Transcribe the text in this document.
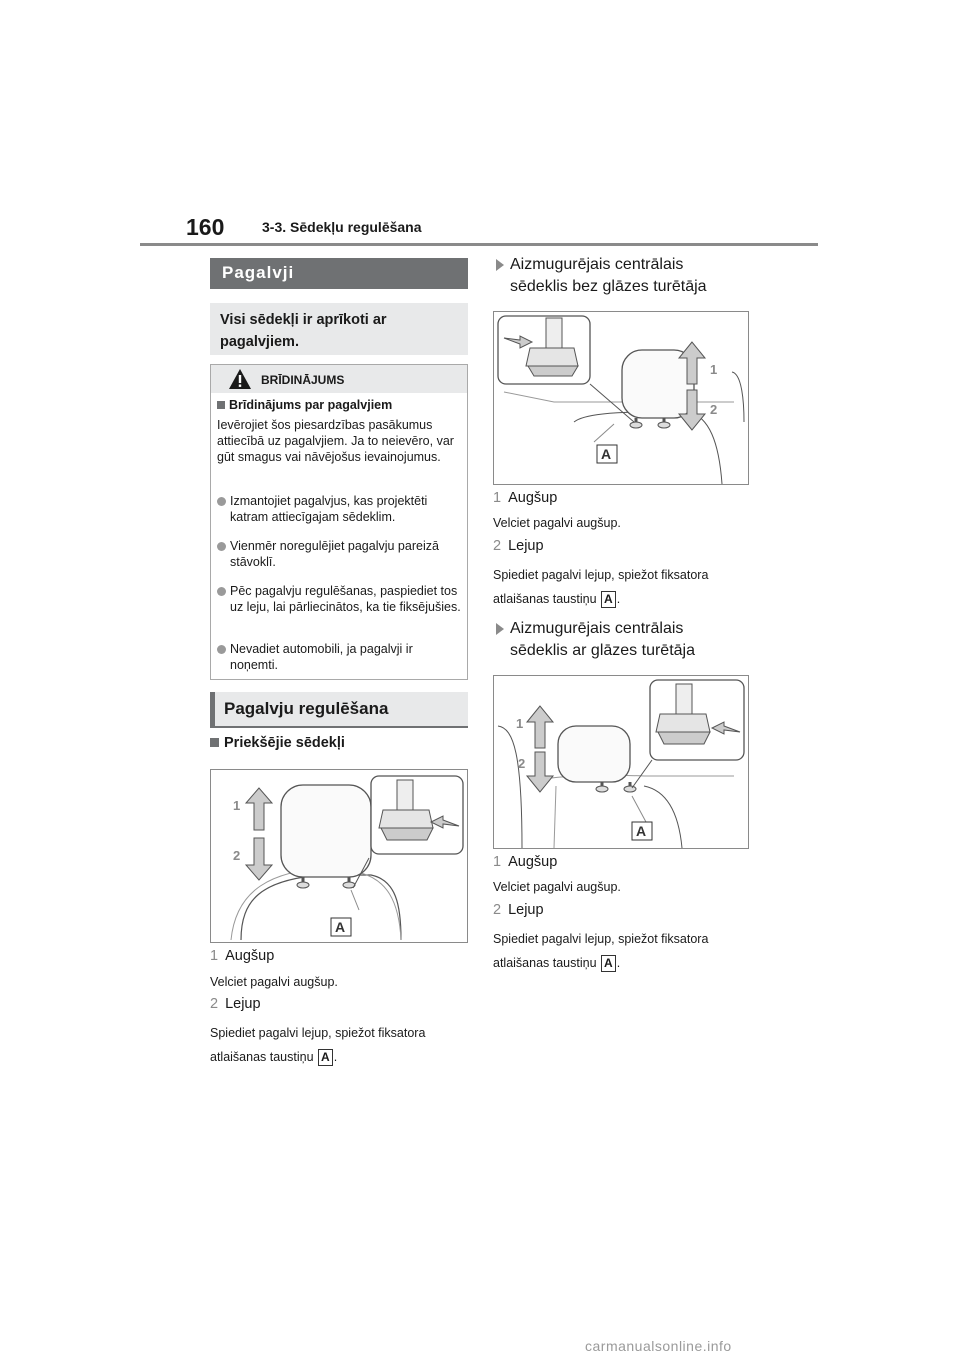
160	3-3. Sēdekļu regulēšana
Pagalvji
Visi sēdekļi ir aprīkoti ar pagalvjiem.
BRĪDINĀJUMS
Brīdinājums par pagalvjiem
Ievērojiet šos piesardzības pasākumus attiecībā uz pagalvjiem. Ja to neievēro, var gūt smagus vai nāvējošus ievainojumus.
Izmantojiet pagalvjus, kas projektēti katram attiecīgajam sēdeklim.
Vienmēr noregulējiet pagalvju pareizā stāvoklī.
Pēc pagalvju regulēšanas, paspiediet tos uz leju, lai pārliecinātos, ka tie fiksējušies.
Nevadiet automobili, ja pagalvji ir noņemti.
Pagalvju regulēšana
Priekšējie sēdekļi
1
2
A
1 Augšup
Velciet pagalvi augšup.
2 Lejup
Spiediet pagalvi lejup, spiežot fiksatora
atlaišanas taustiņu A .
Aizmugurējais centrālais
sēdeklis bez glāzes turētāja
1
2
A
1 Augšup
Velciet pagalvi augšup.
2 Lejup
Spiediet pagalvi lejup, spiežot fiksatora
atlaišanas taustiņu A .
Aizmugurējais centrālais
sēdeklis ar glāzes turētāja
1
2
A
1 Augšup
Velciet pagalvi augšup.
2 Lejup
Spiediet pagalvi lejup, spiežot fiksatora
atlaišanas taustiņu A .
carmanualsonline.info
